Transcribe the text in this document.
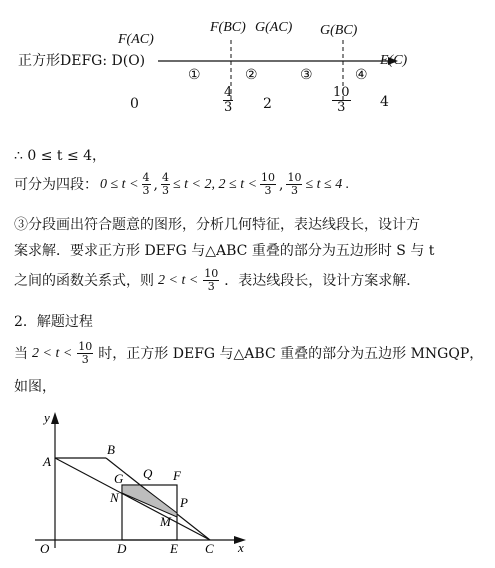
F(AC)
F(BC) G(AC) G(BC)
E(C)
正方形DEFG: D(O)
①	②	③	④
0	$\frac{4}{3} 2$	$\frac{10}{3} 4$
∴ 0 ≤ t ≤ 4，
可分为四段： $0 \le t < \frac{4}{3}$ , $\frac{4}{3} \le t < 2$, $2 \le t < \frac{10}{3}$ , $\frac{10}{3} \le t \le 4$ .
③分段画出符合题意的图形，分析几何特征，表达线段长，设计方
案求解．要求正方形 DEFG 与△ABC 重叠的部分为五边形时 S 与 t
之间的函数关系式，则 $2 < t < \frac{10}{3}$ ．表达线段长，设计方案求解．
2．解题过程
当 $2 < t < \frac{10}{3}$ 时，正方形 DEFG 与△ABC 重叠的部分为五边形 MNGQP，
如图，
y
x
O
A
B
C
D	E
F
G Q
N	P
M
